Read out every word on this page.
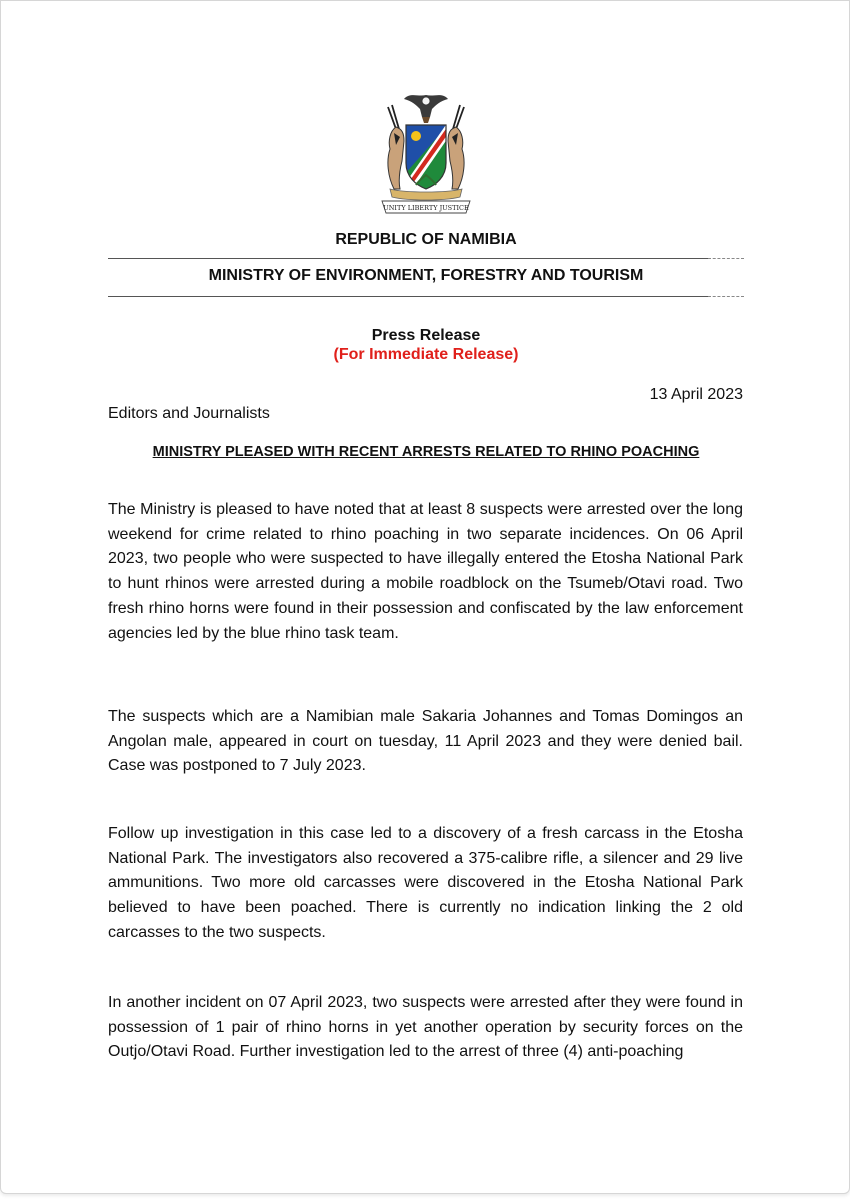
UNITY LIBERTY JUSTICE
REPUBLIC OF NAMIBIA
MINISTRY OF ENVIRONMENT, FORESTRY AND TOURISM
Press Release
(For Immediate Release)
13 April 2023
Editors and Journalists
MINISTRY PLEASED WITH RECENT ARRESTS RELATED TO RHINO POACHING

The Ministry is pleased to have noted that at least 8 suspects were arrested over the long weekend for crime related to rhino poaching in two separate incidences. On 06 April 2023, two people who were suspected to have illegally entered the Etosha National Park to hunt rhinos were arrested during a mobile roadblock on the Tsumeb/Otavi road. Two fresh rhino horns were found in their possession and confiscated by the law enforcement agencies led by the blue rhino task team.

The suspects which are a Namibian male Sakaria Johannes and Tomas Domingos an Angolan male, appeared in court on tuesday, 11 April 2023 and they were denied bail. Case was postponed to 7 July 2023.

Follow up investigation in this case led to a discovery of a fresh carcass in the Etosha National Park. The investigators also recovered a 375-calibre rifle, a silencer and 29 live ammunitions. Two more old carcasses were discovered in the Etosha National Park believed to have been poached. There is currently no indication linking the 2 old carcasses to the two suspects.

In another incident on 07 April 2023, two suspects were arrested after they were found in possession of 1 pair of rhino horns in yet another operation by security forces on the Outjo/Otavi Road. Further investigation led to the arrest of three (4) anti-poaching
